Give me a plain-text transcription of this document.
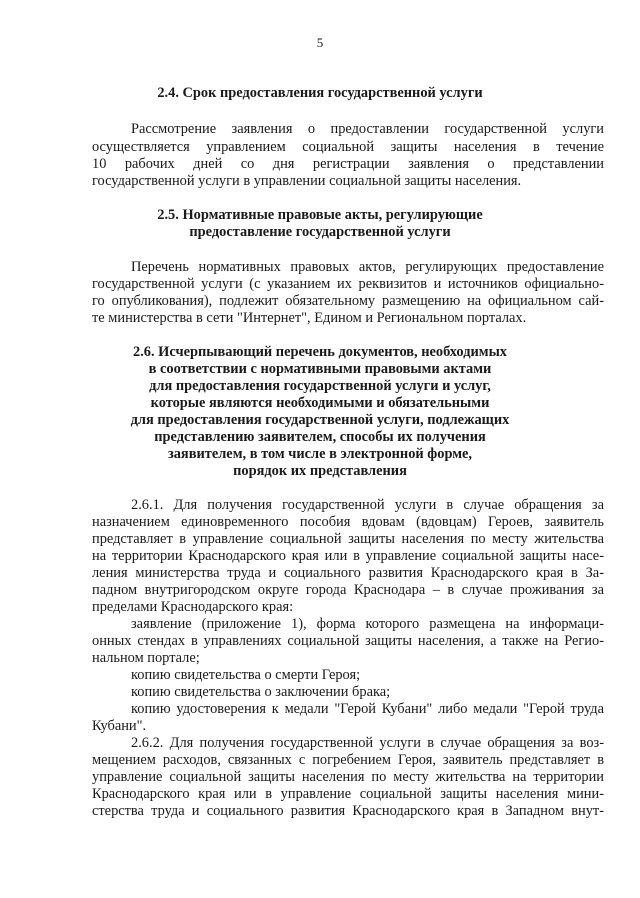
5
2.4. Срок предоставления государственной услуги
Рассмотрение заявления о предоставлении государственной услуги
осуществляется управлением социальной защиты населения в течение
10 рабочих дней со дня регистрации заявления о представлении
государственной услуги в управлении социальной защиты населения.
2.5. Нормативные правовые акты, регулирующие
предоставление государственной услуги
Перечень нормативных правовых актов, регулирующих предоставление
государственной услуги (с указанием их реквизитов и источников официально-
го опубликования), подлежит обязательному размещению на официальном сай-
те министерства в сети "Интернет", Едином и Региональном порталах.
2.6. Исчерпывающий перечень документов, необходимых
в соответствии с нормативными правовыми актами
для предоставления государственной услуги и услуг,
которые являются необходимыми и обязательными
для предоставления государственной услуги, подлежащих
представлению заявителем, способы их получения
заявителем, в том числе в электронной форме,
порядок их представления
2.6.1. Для получения государственной услуги в случае обращения за
назначением единовременного пособия вдовам (вдовцам) Героев, заявитель
представляет в управление социальной защиты населения по месту жительства
на территории Краснодарского края или в управление социальной защиты насе-
ления министерства труда и социального развития Краснодарского края в За-
падном внутригородском округе города Краснодара – в случае проживания за
пределами Краснодарского края:
заявление (приложение 1), форма которого размещена на информаци-
онных стендах в управлениях социальной защиты населения, а также на Регио-
нальном портале;
копию свидетельства о смерти Героя;
копию свидетельства о заключении брака;
копию удостоверения к медали "Герой Кубани" либо медали "Герой труда
Кубани".
2.6.2. Для получения государственной услуги в случае обращения за воз-
мещением расходов, связанных с погребением Героя, заявитель представляет в
управление социальной защиты населения по месту жительства на территории
Краснодарского края или в управление социальной защиты населения мини-
стерства труда и социального развития Краснодарского края в Западном внут-
